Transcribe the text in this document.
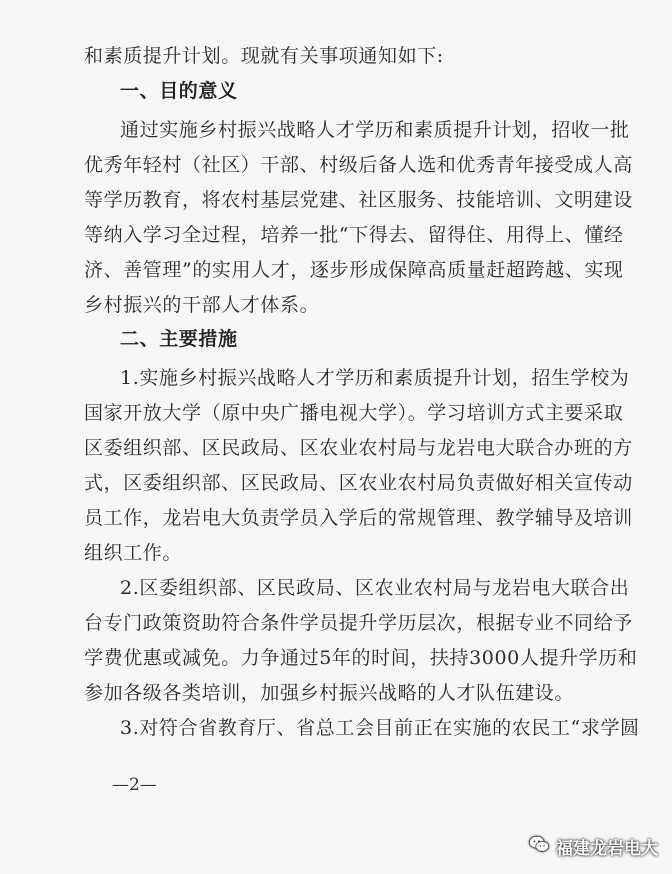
和素质提升计划。现就有关事项通知如下:
一、目的意义
通过实施乡村振兴战略人才学历和素质提升计划，招收一批
优秀年轻村（社区）干部、村级后备人选和优秀青年接受成人高
等学历教育，将农村基层党建、社区服务、技能培训、文明建设
等纳入学习全过程，培养一批“下得去、留得住、用得上、懂经
济、善管理”的实用人才，逐步形成保障高质量赶超跨越、实现
乡村振兴的干部人才体系。
二、主要措施
1.实施乡村振兴战略人才学历和素质提升计划，招生学校为
国家开放大学（原中央广播电视大学）。学习培训方式主要采取
区委组织部、区民政局、区农业农村局与龙岩电大联合办班的方
式，区委组织部、区民政局、区农业农村局负责做好相关宣传动
员工作，龙岩电大负责学员入学后的常规管理、教学辅导及培训
组织工作。
2.区委组织部、区民政局、区农业农村局与龙岩电大联合出
台专门政策资助符合条件学员提升学历层次，根据专业不同给予
学费优惠或减免。力争通过5年的时间，扶持3000人提升学历和
参加各级各类培训，加强乡村振兴战略的人才队伍建设。
3.对符合省教育厅、省总工会目前正在实施的农民工“求学圆
—2—
福建龙岩电大
